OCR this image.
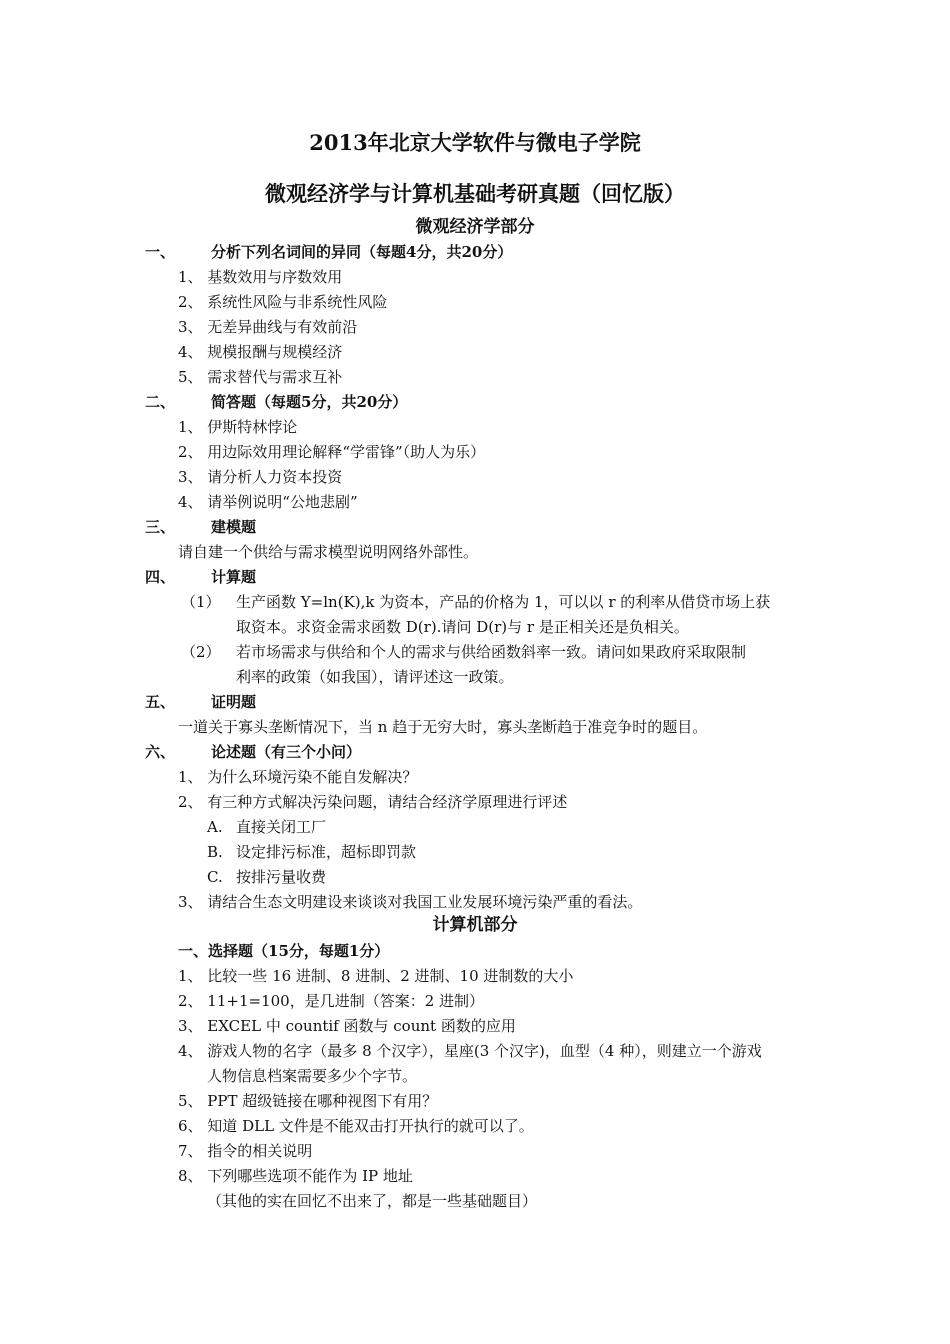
2013年北京大学软件与微电子学院
微观经济学与计算机基础考研真题（回忆版）
微观经济学部分
一、 分析下列名词间的异同（每题4分，共20分）
1、 基数效用与序数效用
2、 系统性风险与非系统性风险
3、 无差异曲线与有效前沿
4、 规模报酬与规模经济
5、 需求替代与需求互补
二、 简答题（每题5分，共20分）
1、 伊斯特林悖论
2、 用边际效用理论解释“学雷锋”（助人为乐）
3、 请分析人力资本投资
4、 请举例说明“公地悲剧”
三、 建模题
请自建一个供给与需求模型说明网络外部性。
四、 计算题
（1） 生产函数 Y=ln(K),k 为资本，产品的价格为 1，可以以 r 的利率从借贷市场上获
取资本。求资金需求函数 D(r).请问 D(r)与 r 是正相关还是负相关。
（2） 若市场需求与供给和个人的需求与供给函数斜率一致。请问如果政府采取限制
利率的政策（如我国），请评述这一政策。
五、 证明题
一道关于寡头垄断情况下，当 n 趋于无穷大时，寡头垄断趋于准竞争时的题目。
六、 论述题（有三个小问）
1、 为什么环境污染不能自发解决？
2、 有三种方式解决污染问题，请结合经济学原理进行评述
A. 直接关闭工厂
B. 设定排污标准，超标即罚款
C. 按排污量收费
3、 请结合生态文明建设来谈谈对我国工业发展环境污染严重的看法。
计算机部分
一、选择题（15分，每题1分）
1、 比较一些 16 进制、8 进制、2 进制、10 进制数的大小
2、 11+1=100，是几进制（答案：2 进制）
3、 EXCEL 中 countif 函数与 count 函数的应用
4、 游戏人物的名字（最多 8 个汉字），星座(3 个汉字)，血型（4 种），则建立一个游戏
人物信息档案需要多少个字节。
5、 PPT 超级链接在哪种视图下有用？
6、 知道 DLL 文件是不能双击打开执行的就可以了。
7、 指令的相关说明
8、 下列哪些选项不能作为 IP 地址
（其他的实在回忆不出来了，都是一些基础题目）
